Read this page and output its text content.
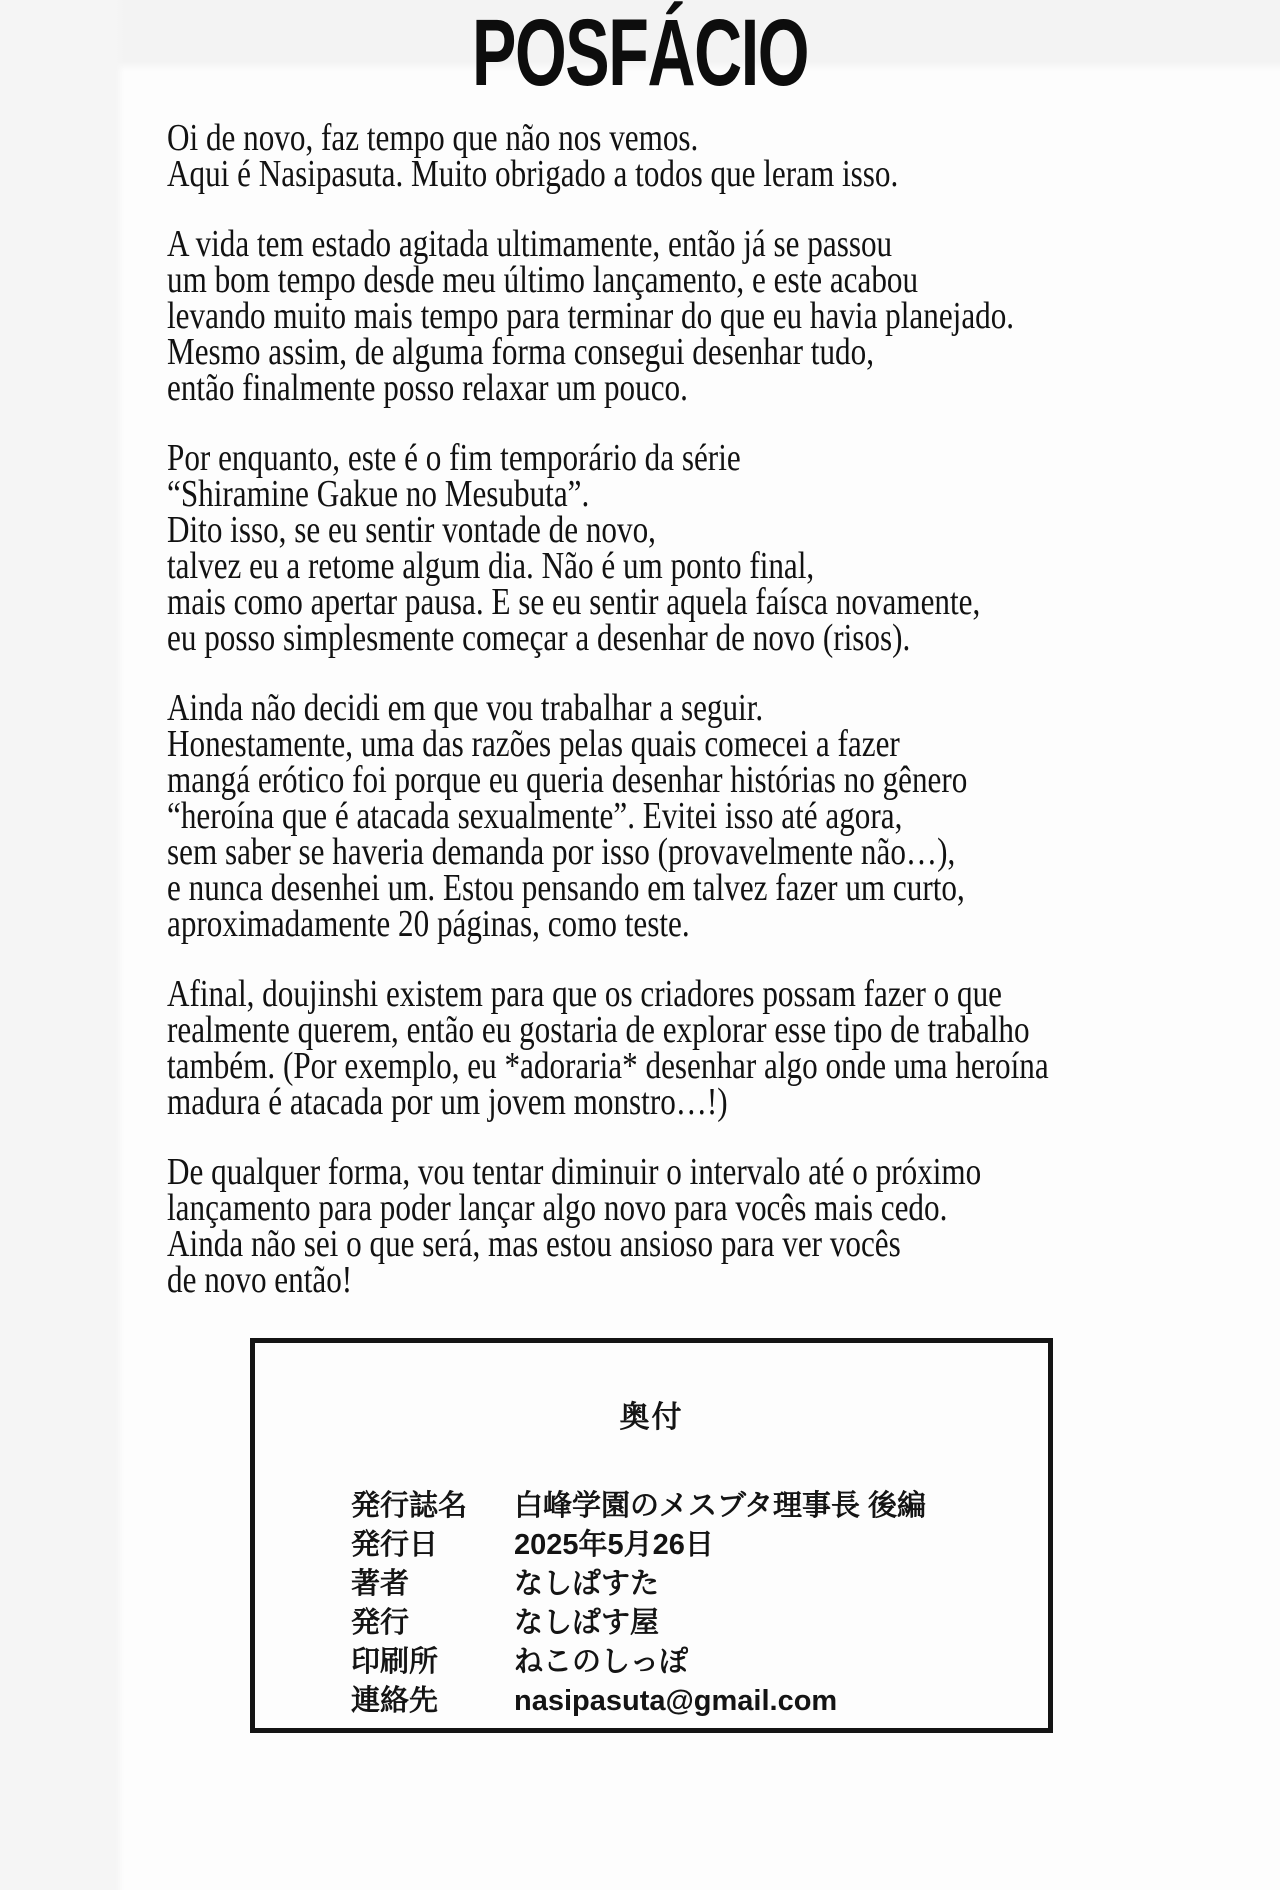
POSFÁCIO

Oi de novo, faz tempo que não nos vemos.
Aqui é Nasipasuta. Muito obrigado a todos que leram isso.

A vida tem estado agitada ultimamente, então já se passou
um bom tempo desde meu último lançamento, e este acabou
levando muito mais tempo para terminar do que eu havia planejado.
Mesmo assim, de alguma forma consegui desenhar tudo,
então finalmente posso relaxar um pouco.

Por enquanto, este é o fim temporário da série
“Shiramine Gakue no Mesubuta”.
Dito isso, se eu sentir vontade de novo,
talvez eu a retome algum dia. Não é um ponto final,
mais como apertar pausa. E se eu sentir aquela faísca novamente,
eu posso simplesmente começar a desenhar de novo (risos).

Ainda não decidi em que vou trabalhar a seguir.
Honestamente, uma das razões pelas quais comecei a fazer
mangá erótico foi porque eu queria desenhar histórias no gênero
“heroína que é atacada sexualmente”. Evitei isso até agora,
sem saber se haveria demanda por isso (provavelmente não…),
e nunca desenhei um. Estou pensando em talvez fazer um curto,
aproximadamente 20 páginas, como teste.

Afinal, doujinshi existem para que os criadores possam fazer o que
realmente querem, então eu gostaria de explorar esse tipo de trabalho
também. (Por exemplo, eu *adoraria* desenhar algo onde uma heroína
madura é atacada por um jovem monstro…!)

De qualquer forma, vou tentar diminuir o intervalo até o próximo
lançamento para poder lançar algo novo para vocês mais cedo.
Ainda não sei o que será, mas estou ansioso para ver vocês
de novo então!

奥付
発行誌名 白峰学園のメスブタ理事長 後編
発行日	2025年5月26日
著者	なしぱすた
発行	なしぱす屋
印刷所	ねこのしっぽ
連絡先	nasipasuta@gmail.com
